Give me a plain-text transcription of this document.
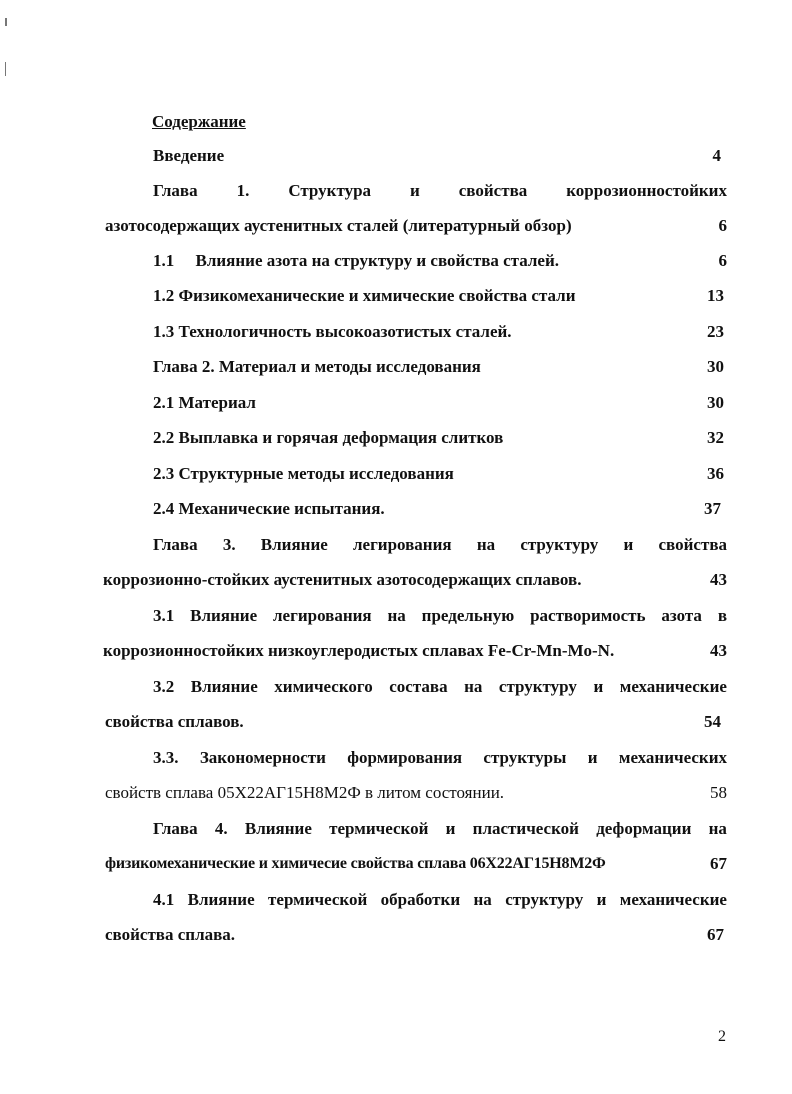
Содержание
Введение	4
Глава 1. Структура и свойства коррозионностойких
азотосодержащих аустенитных сталей (литературный обзор)	6
1.1     Влияние азота на структуру и свойства сталей.	6
1.2 Физикомеханические и химические свойства стали	13
1.3 Технологичность высокоазотистых сталей.	23
Глава 2. Материал и методы исследования	30
2.1 Материал	30
2.2 Выплавка и горячая деформация слитков	32
2.3 Структурные методы исследования	36
2.4 Механические испытания.	37
Глава 3. Влияние легирования на структуру и свойства
коррозионно-стойких аустенитных азотосодержащих сплавов.	43
3.1 Влияние легирования на предельную растворимость азота в
коррозионностойких низкоуглеродистых сплавах Fe-Cr-Mn-Mo-N.	43
3.2 Влияние химического состава на структуру и механические
свойства сплавов.	54
3.3. Закономерности формирования структуры и механических
свойств сплава 05Х22АГ15Н8М2Ф в литом состоянии.	58
Глава 4. Влияние термической и пластической деформации на
физикомеханические и химичесие свойства сплава 06Х22АГ15Н8М2Ф	67
4.1 Влияние термической обработки на структуру и механические
свойства сплава.	67
2
